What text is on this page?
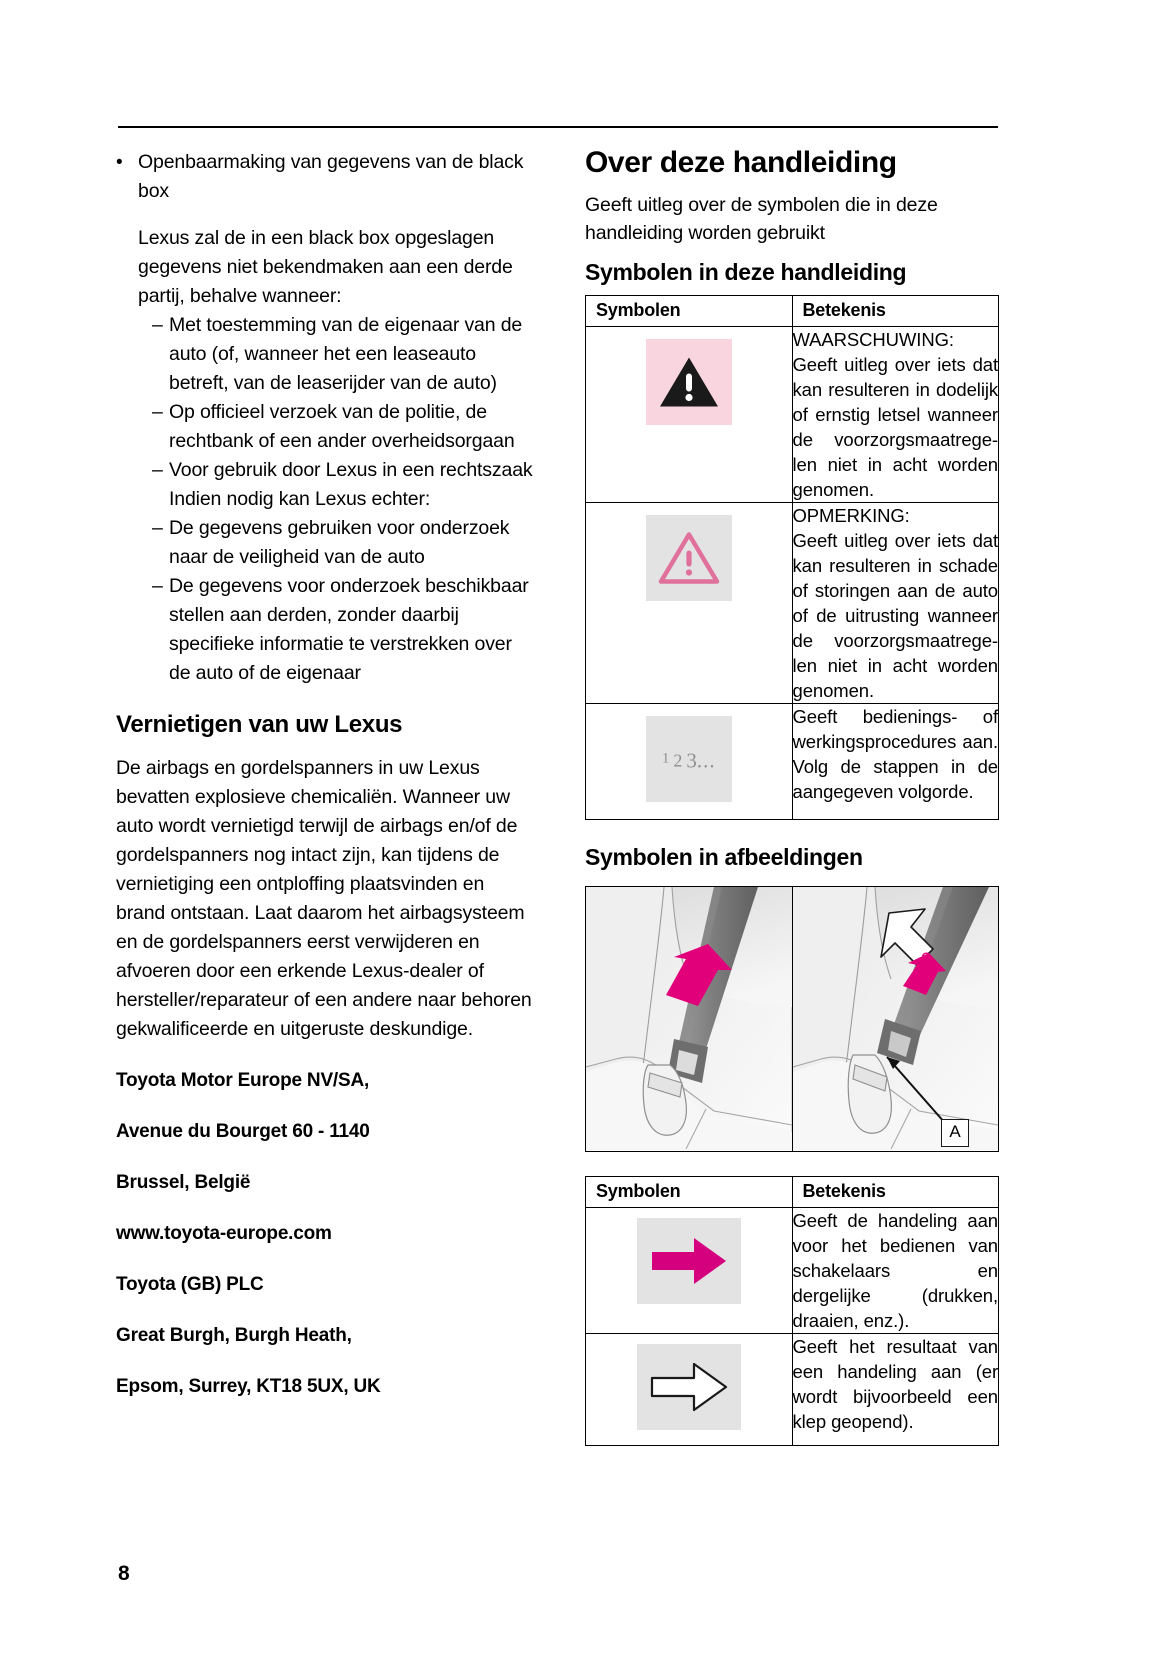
• Openbaarmaking van gegevens van de black box
Lexus zal de in een black box opgeslagen gegevens niet bekendmaken aan een derde partij, behalve wanneer:
– Met toestemming van de eigenaar van de auto (of, wanneer het een leaseauto betreft, van de leaserijder van de auto)
– Op officieel verzoek van de politie, de rechtbank of een ander overheidsorgaan
– Voor gebruik door Lexus in een rechtszaak
Indien nodig kan Lexus echter:
– De gegevens gebruiken voor onderzoek naar de veiligheid van de auto
– De gegevens voor onderzoek beschikbaar stellen aan derden, zonder daarbij specifieke informatie te verstrekken over de auto of de eigenaar
Vernietigen van uw Lexus

De airbags en gordelspanners in uw Lexus bevatten explosieve chemicaliën. Wanneer uw auto wordt vernietigd terwijl de airbags en/of de gordelspanners nog intact zijn, kan tijdens de vernietiging een ontploffing plaatsvinden en brand ontstaan. Laat daarom het airbagsysteem en de gordelspanners eerst verwijderen en afvoeren door een erkende Lexus-dealer of hersteller/reparateur of een andere naar behoren gekwalificeerde en uitgeruste deskundige.

Toyota Motor Europe NV/SA,
Avenue du Bourget 60 - 1140
Brussel, België
www.toyota-europe.com
Toyota (GB) PLC
Great Burgh, Burgh Heath,
Epsom, Surrey, KT18 5UX, UK
Over deze handleiding

Geeft uitleg over de symbolen die in deze handleiding worden gebruikt

Symbolen in deze handleiding
Symbolen	Betekenis

WAARSCHUWING:
Geeft uitleg over iets dat kan resulteren in dodelijk of ernstig letsel wanneer de voorzorgsmaatrege-len niet in acht worden genomen.

OPMERKING:
Geeft uitleg over iets dat kan resulteren in schade of storingen aan de auto of de uitrusting wanneer de voorzorgsmaatrege-len niet in acht worden genomen.

1 2 3...	Geeft bedienings- of werkingsprocedures aan. Volg de stappen in de aangegeven volgorde.
Symbolen in afbeeldingen
1	2
A
Symbolen	Betekenis

Geeft de handeling aan voor het bedienen van schakelaars en dergelijke (drukken, draaien, enz.).

Geeft het resultaat van een handeling aan (er wordt bijvoorbeeld een klep geopend).
8
